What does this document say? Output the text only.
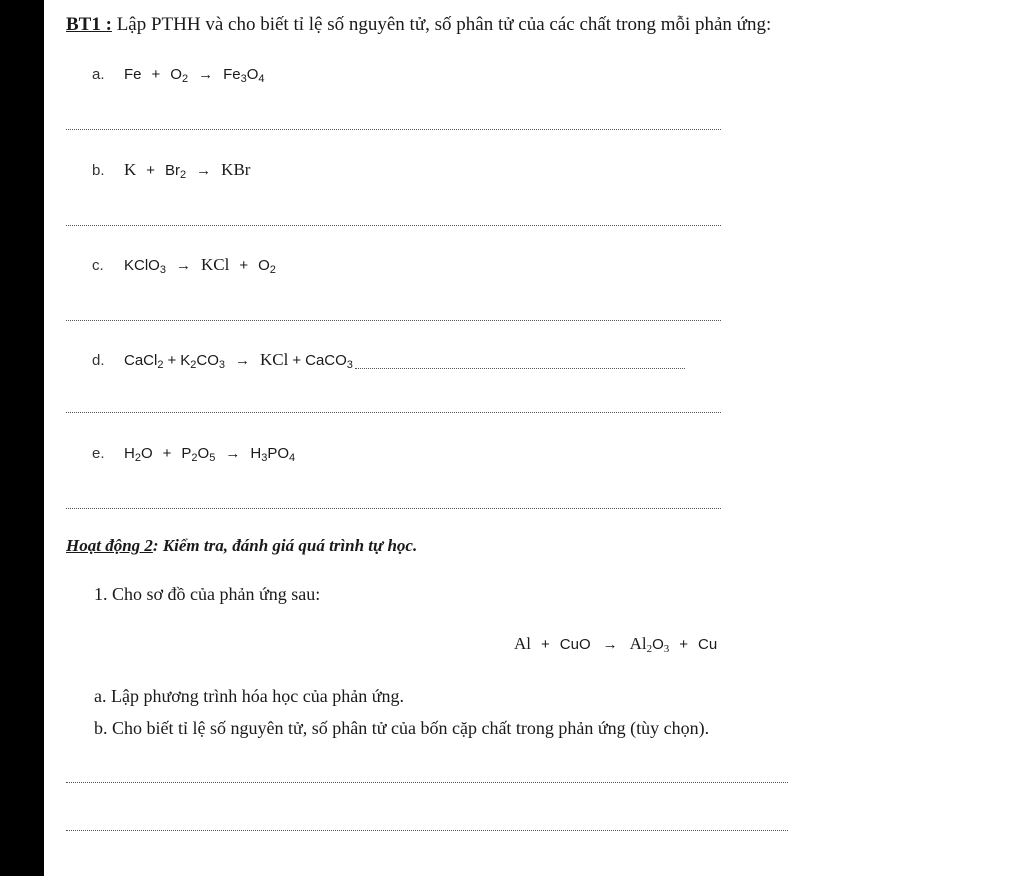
BT1 : Lập PTHH và cho biết tỉ lệ số nguyên tử, số phân tử của các chất trong mỗi phản ứng:
a. $Fe + O_2 \to Fe_3O_4$
b. $K + Br_2$ → KBr
c. KClO$_3$ → KCl + $O_2$
d. CaCl$_2$ + $K_2CO_3$ → KCl + CaCO$_3$
e. $H_2O + P_2O_5 \to H_3PO_4$
Hoạt động 2: Kiểm tra, đánh giá quá trình tự học.
1. Cho sơ đồ của phản ứng sau:
Al + CuO → $Al_2O_3 + Cu$
a. Lập phương trình hóa học của phản ứng.
b. Cho biết tỉ lệ số nguyên tử, số phân tử của bốn cặp chất trong phản ứng (tùy chọn).
